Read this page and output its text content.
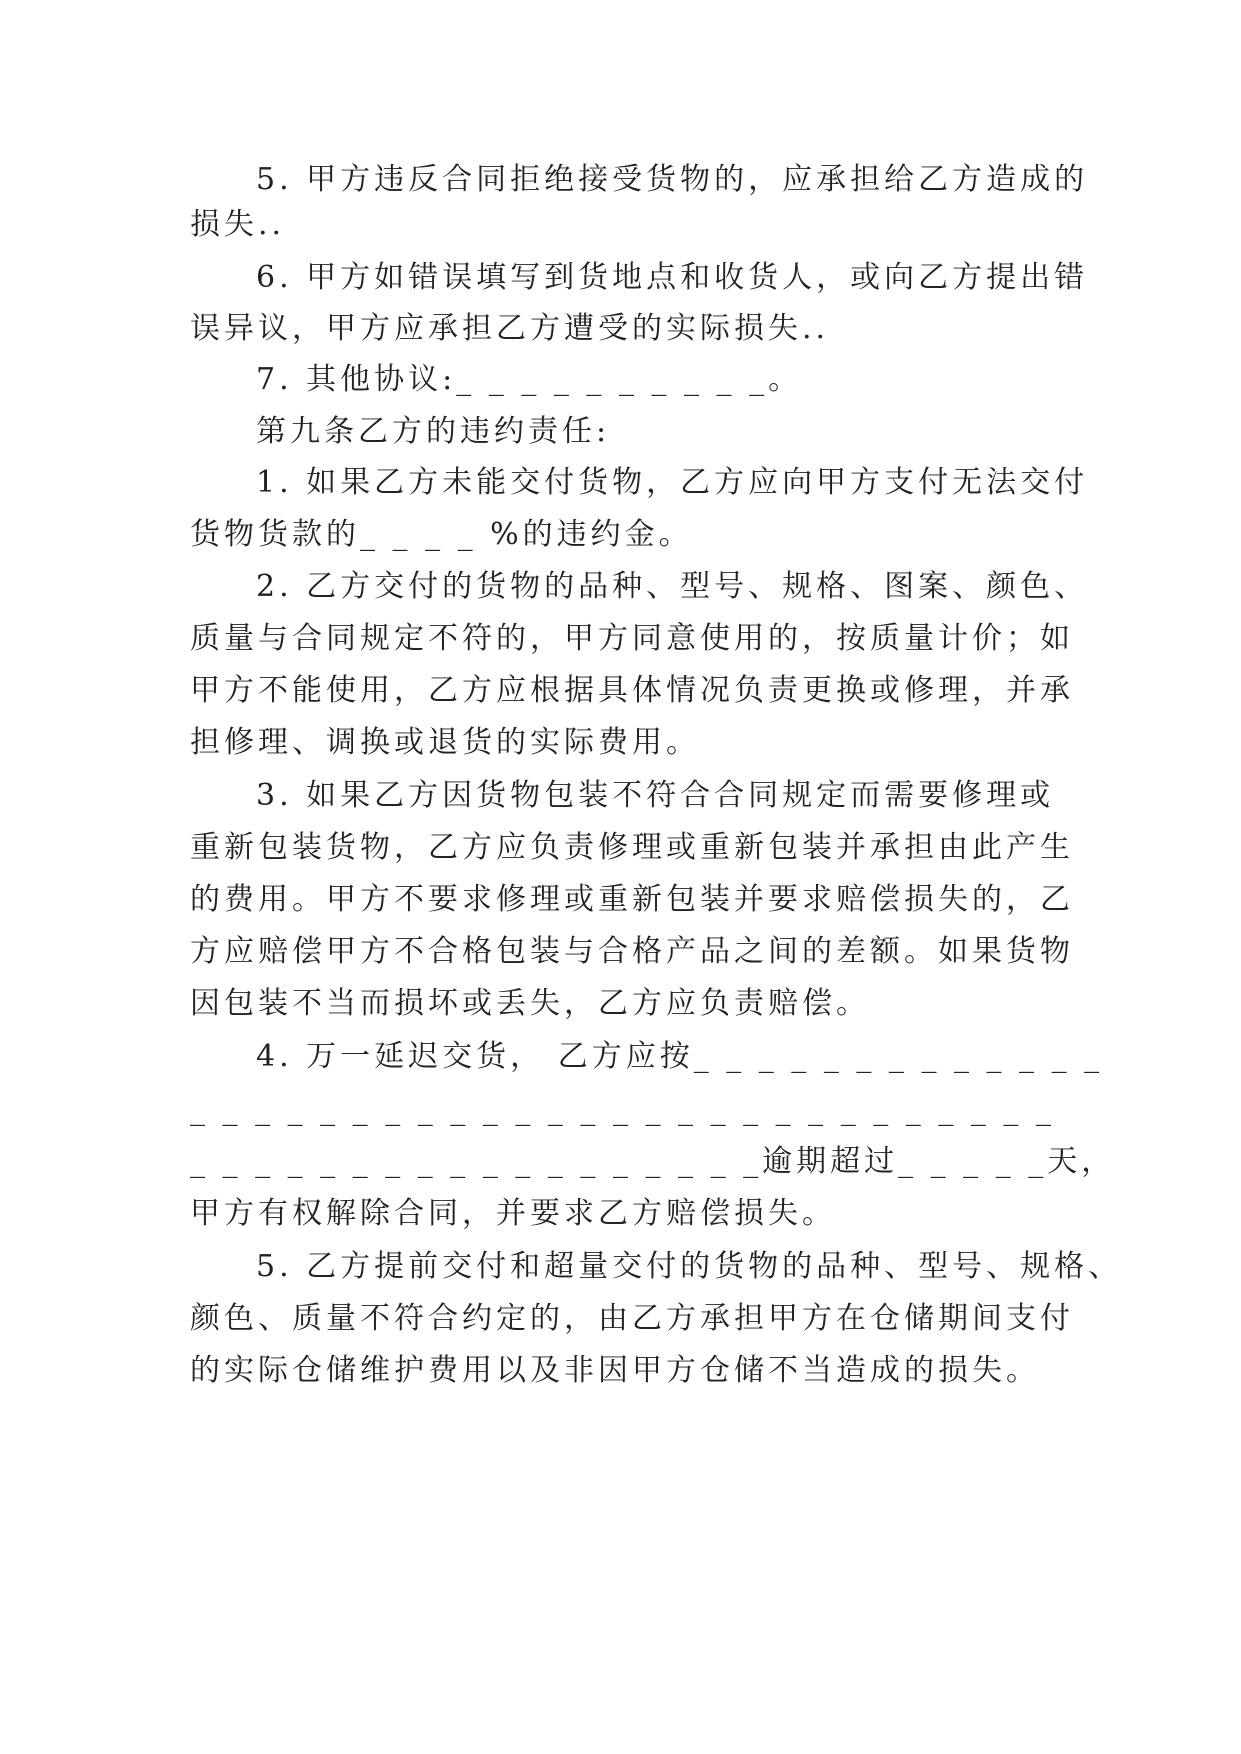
5. 甲方违反合同拒绝接受货物的，应承担给乙方造成的
损失..
6. 甲方如错误填写到货地点和收货人，或向乙方提出错
误异议，甲方应承担乙方遭受的实际损失..
7. 其他协议:_ _ _ _ _ _ _ _ _ _。
第九条乙方的违约责任:
1. 如果乙方未能交付货物，乙方应向甲方支付无法交付
货物货款的_ _ _ _ %的违约金。
2. 乙方交付的货物的品种、型号、规格、图案、颜色、
质量与合同规定不符的，甲方同意使用的，按质量计价；如
甲方不能使用，乙方应根据具体情况负责更换或修理，并承
担修理、调换或退货的实际费用。
3. 如果乙方因货物包装不符合合同规定而需要修理或
重新包装货物，乙方应负责修理或重新包装并承担由此产生
的费用。甲方不要求修理或重新包装并要求赔偿损失的，乙
方应赔偿甲方不合格包装与合格产品之间的差额。如果货物
因包装不当而损坏或丢失，乙方应负责赔偿。
4. 万一延迟交货， 乙方应按_ _ _ _ _ _ _ _ _ _ _ _ _
_ _ _ _ _ _ _ _ _ _ _ _ _ _ _ _ _ _ _ _ _ _ _ _ _ _ _
_ _ _ _ _ _ _ _ _ _ _ _ _ _ _ _ _ _逾期超过_ _ _ _ _天，
甲方有权解除合同，并要求乙方赔偿损失。
5. 乙方提前交付和超量交付的货物的品种、型号、规格、
颜色、质量不符合约定的，由乙方承担甲方在仓储期间支付
的实际仓储维护费用以及非因甲方仓储不当造成的损失。
